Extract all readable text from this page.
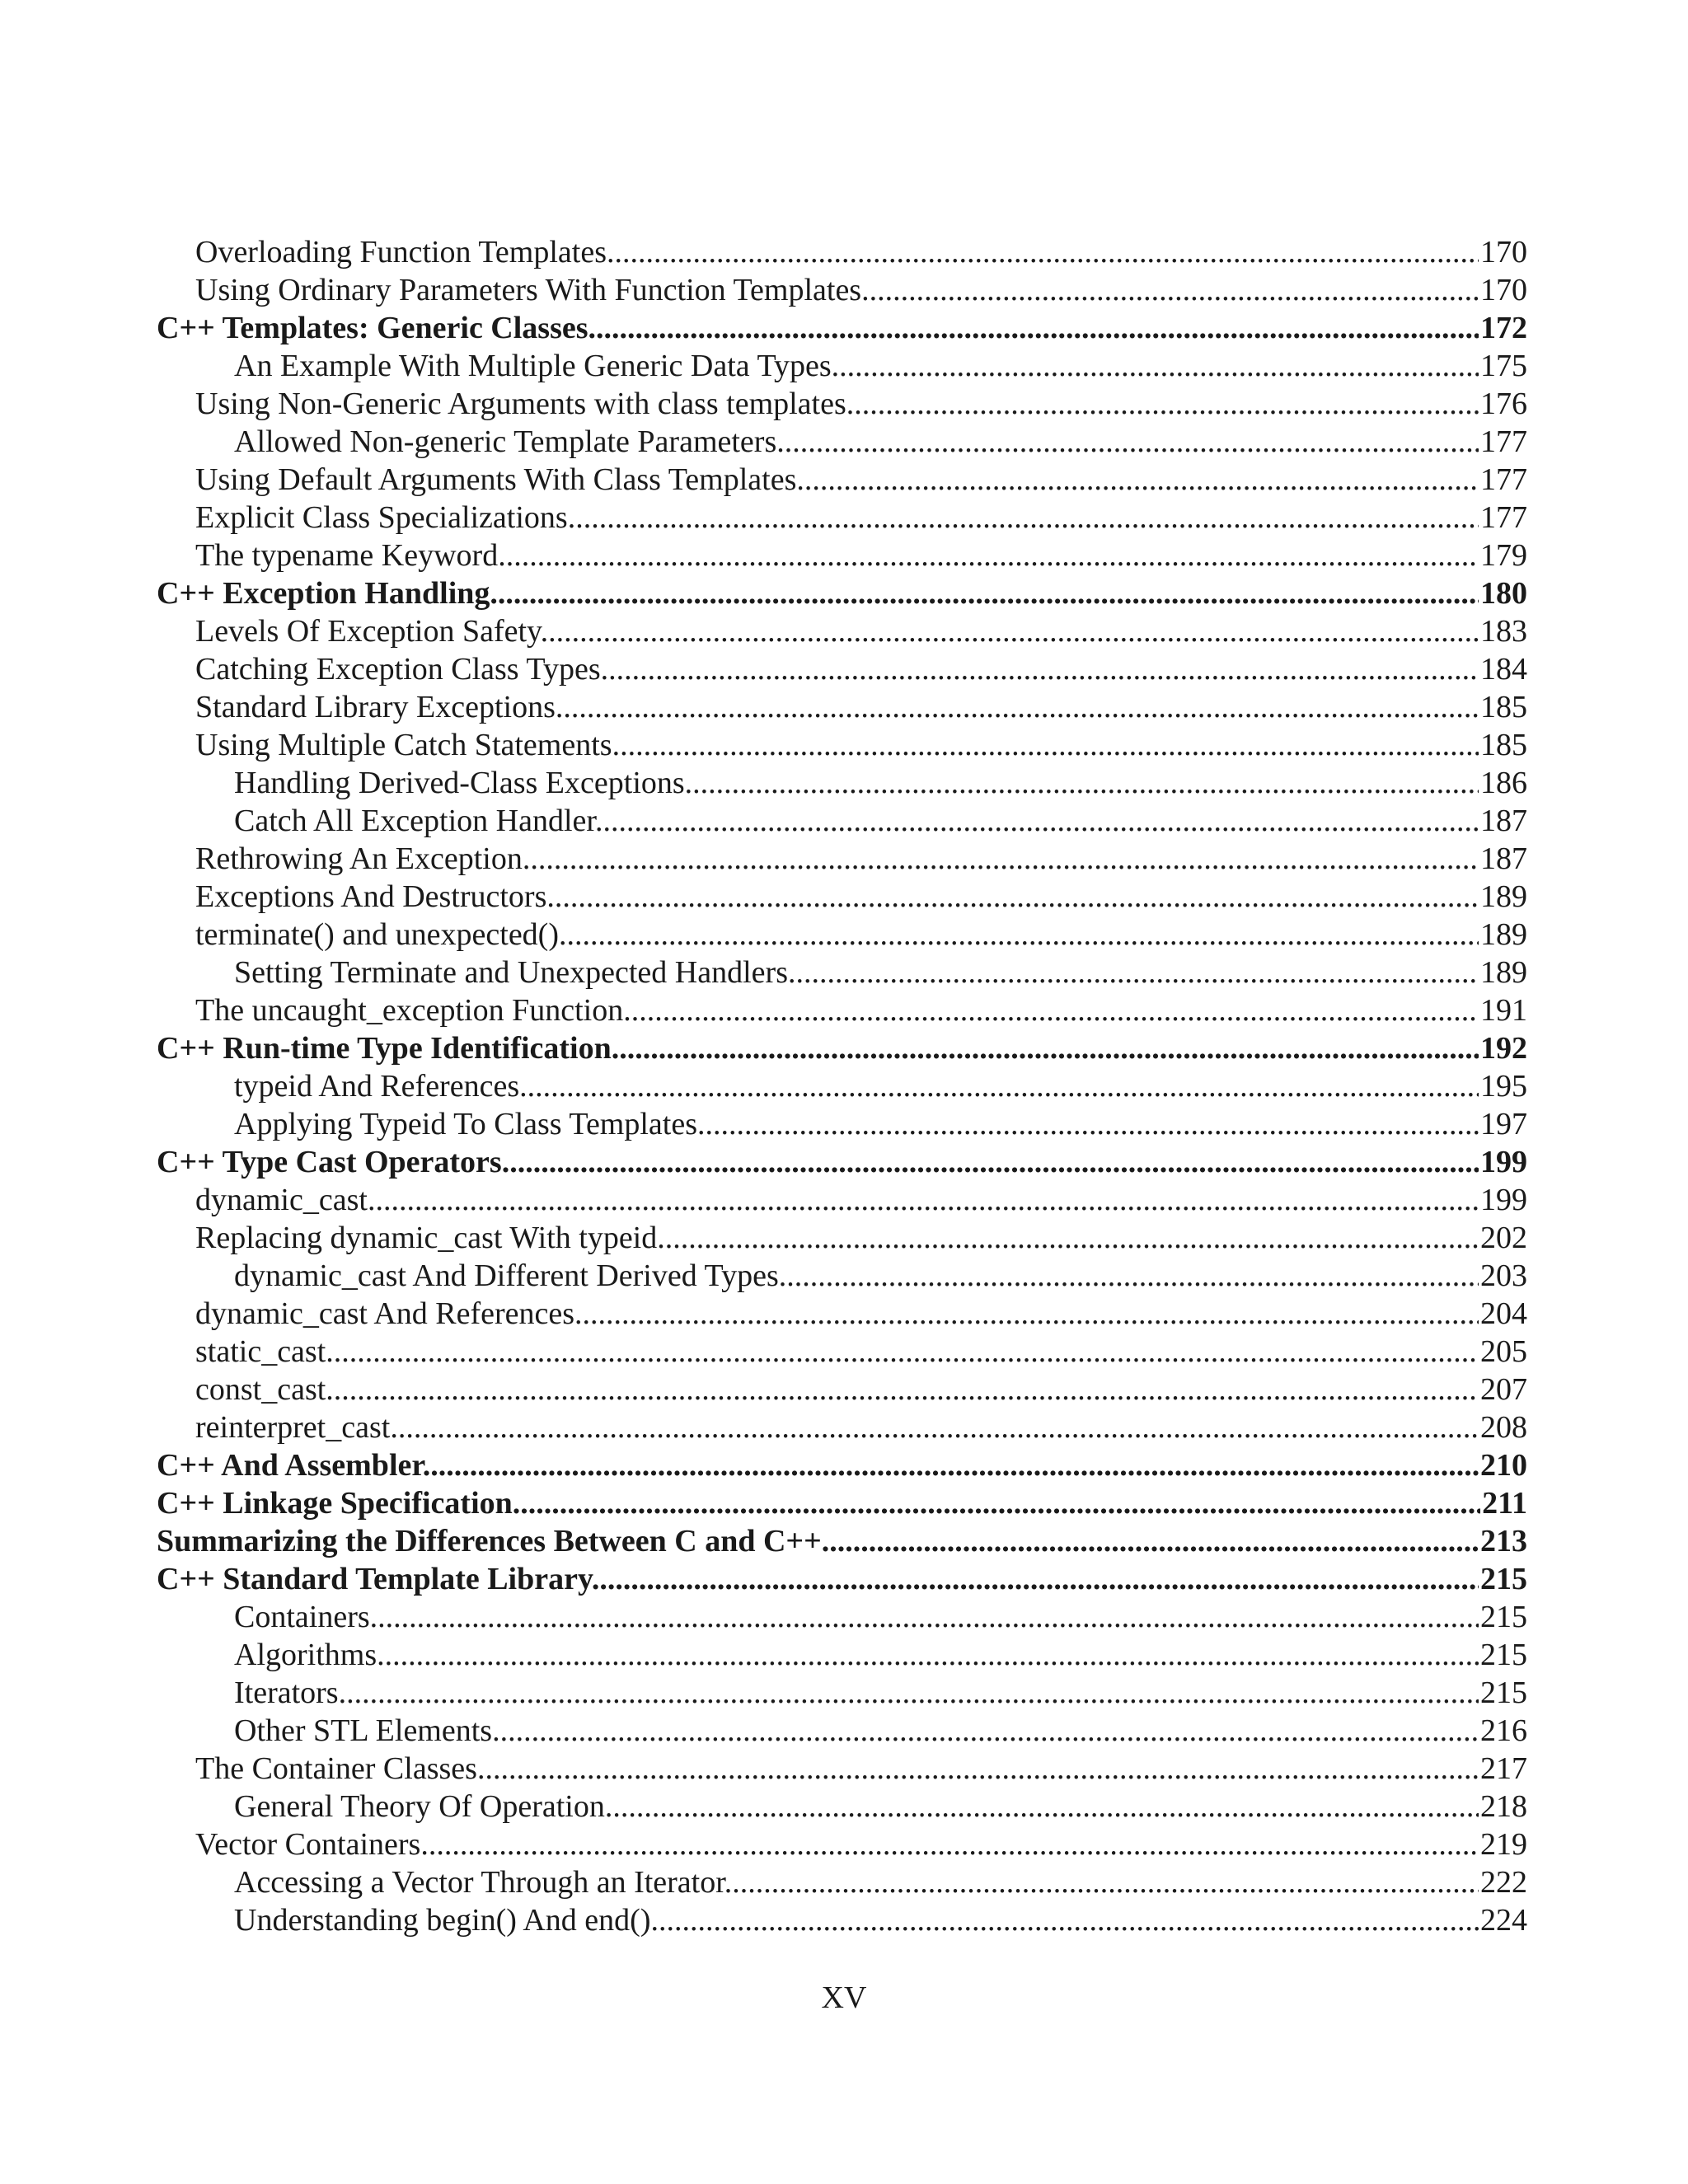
Overloading Function Templates .....	170
Using Ordinary Parameters With Function Templates .....	170
C++ Templates: Generic Classes .....	172
An Example With Multiple Generic Data Types .....	175
Using Non-Generic Arguments with class templates .....	176
Allowed Non-generic Template Parameters .....	177
Using Default Arguments With Class Templates .....	177
Explicit Class Specializations .....	177
The typename Keyword .....	179
C++ Exception Handling .....	180
Levels Of Exception Safety .....	183
Catching Exception Class Types .....	184
Standard Library Exceptions .....	185
Using Multiple Catch Statements .....	185
Handling Derived-Class Exceptions .....	186
Catch All Exception Handler .....	187
Rethrowing An Exception .....	187
Exceptions And Destructors .....	189
terminate() and unexpected() .....	189
Setting Terminate and Unexpected Handlers .....	189
The uncaught_exception Function .....	191
C++ Run-time Type Identification .....	192
typeid And References .....	195
Applying Typeid To Class Templates .....	197
C++ Type Cast Operators .....	199
dynamic_cast .....	199
Replacing dynamic_cast With typeid .....	202
dynamic_cast And Different Derived Types .....	203
dynamic_cast And References .....	204
static_cast .....	205
const_cast .....	207
reinterpret_cast .....	208
C++ And Assembler .....	210
C++ Linkage Specification .....	211
Summarizing the Differences Between C and C++ .....	213
C++ Standard Template Library .....	215
Containers .....	215
Algorithms .....	215
Iterators .....	215
Other STL Elements .....	216
The Container Classes .....	217
General Theory Of Operation .....	218
Vector Containers .....	219
Accessing a Vector Through an Iterator .....	222
Understanding begin() And end() .....	224
XV
